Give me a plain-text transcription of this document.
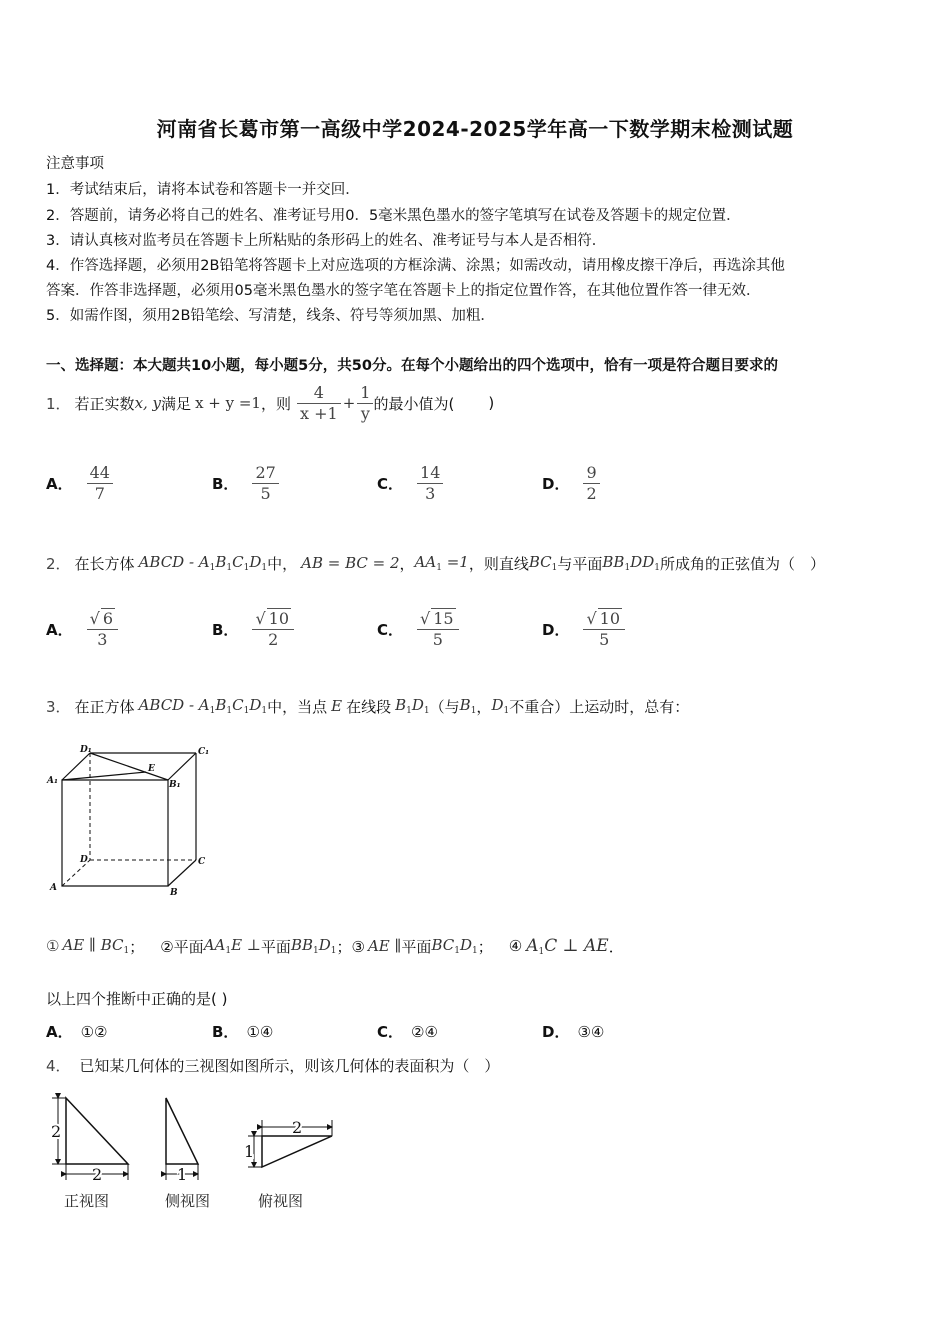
河南省长葛市第一高级中学2024-2025学年高一下数学期末检测试题
注意事项
1．考试结束后，请将本试卷和答题卡一并交回．
2．答题前，请务必将自己的姓名、准考证号用0．5毫米黑色墨水的签字笔填写在试卷及答题卡的规定位置．
3．请认真核对监考员在答题卡上所粘贴的条形码上的姓名、准考证号与本人是否相符．
4．作答选择题，必须用2B铅笔将答题卡上对应选项的方框涂满、涂黑；如需改动，请用橡皮擦干净后，再选涂其他
答案．作答非选择题，必须用05毫米黑色墨水的签字笔在答题卡上的指定位置作答，在其他位置作答一律无效．
5．如需作图，须用2B铅笔绘、写清楚，线条、符号等须加黑、加粗．
一、选择题：本大题共10小题，每小题5分，共50分。在每个小题给出的四个选项中，恰有一项是符合题目要求的
1． 若正实数 x, y 满足 x + y =1 ，则 $\frac{4}{x +1} + \frac{1}{y}$ 的最小值为( )
A． $\frac{44}{7}$	B． $\frac{27}{5}$	C． $\frac{14}{3}$	D． $\frac{9}{2}$
2． 在长方体 ABCD - $A_1B_1C_1D_1$ 中， AB = BC = 2 ， $AA_1 =1$ ，则直线 $BC_1$ 与平面 $BB_1DD_1$ 所成角的正弦值为（　）
A． $\frac{√ 6}{3}$	B． $\frac{√ 10}{2}$	C． $\frac{√ 15}{5}$	D． $\frac{√ 10}{5}$
3． 在正方体 ABCD - $A_1B_1C_1D_1$ 中，当点 E 在线段 $B_1D_1$ （与 $B_1$ ， $D_1$ 不重合）上运动时，总有：
D₁	C₁
A₁	B₁
E
D	C
A	B
① AE ∥ $BC_1$ ； ②平面 $AA_1E$ ⊥ 平面 $BB_1D_1$ ；③ AE ∥ 平面 $BC_1D_1$ ； ④ $A_1C$ ⊥ AE ．
以上四个推断中正确的是( )
A． ①②	B． ①④	C． ②④	D． ③④
4． 已知某几何体的三视图如图所示，则该几何体的表面积为（　）
2
2	1
2
1
正视图	侧视图	俯视图
